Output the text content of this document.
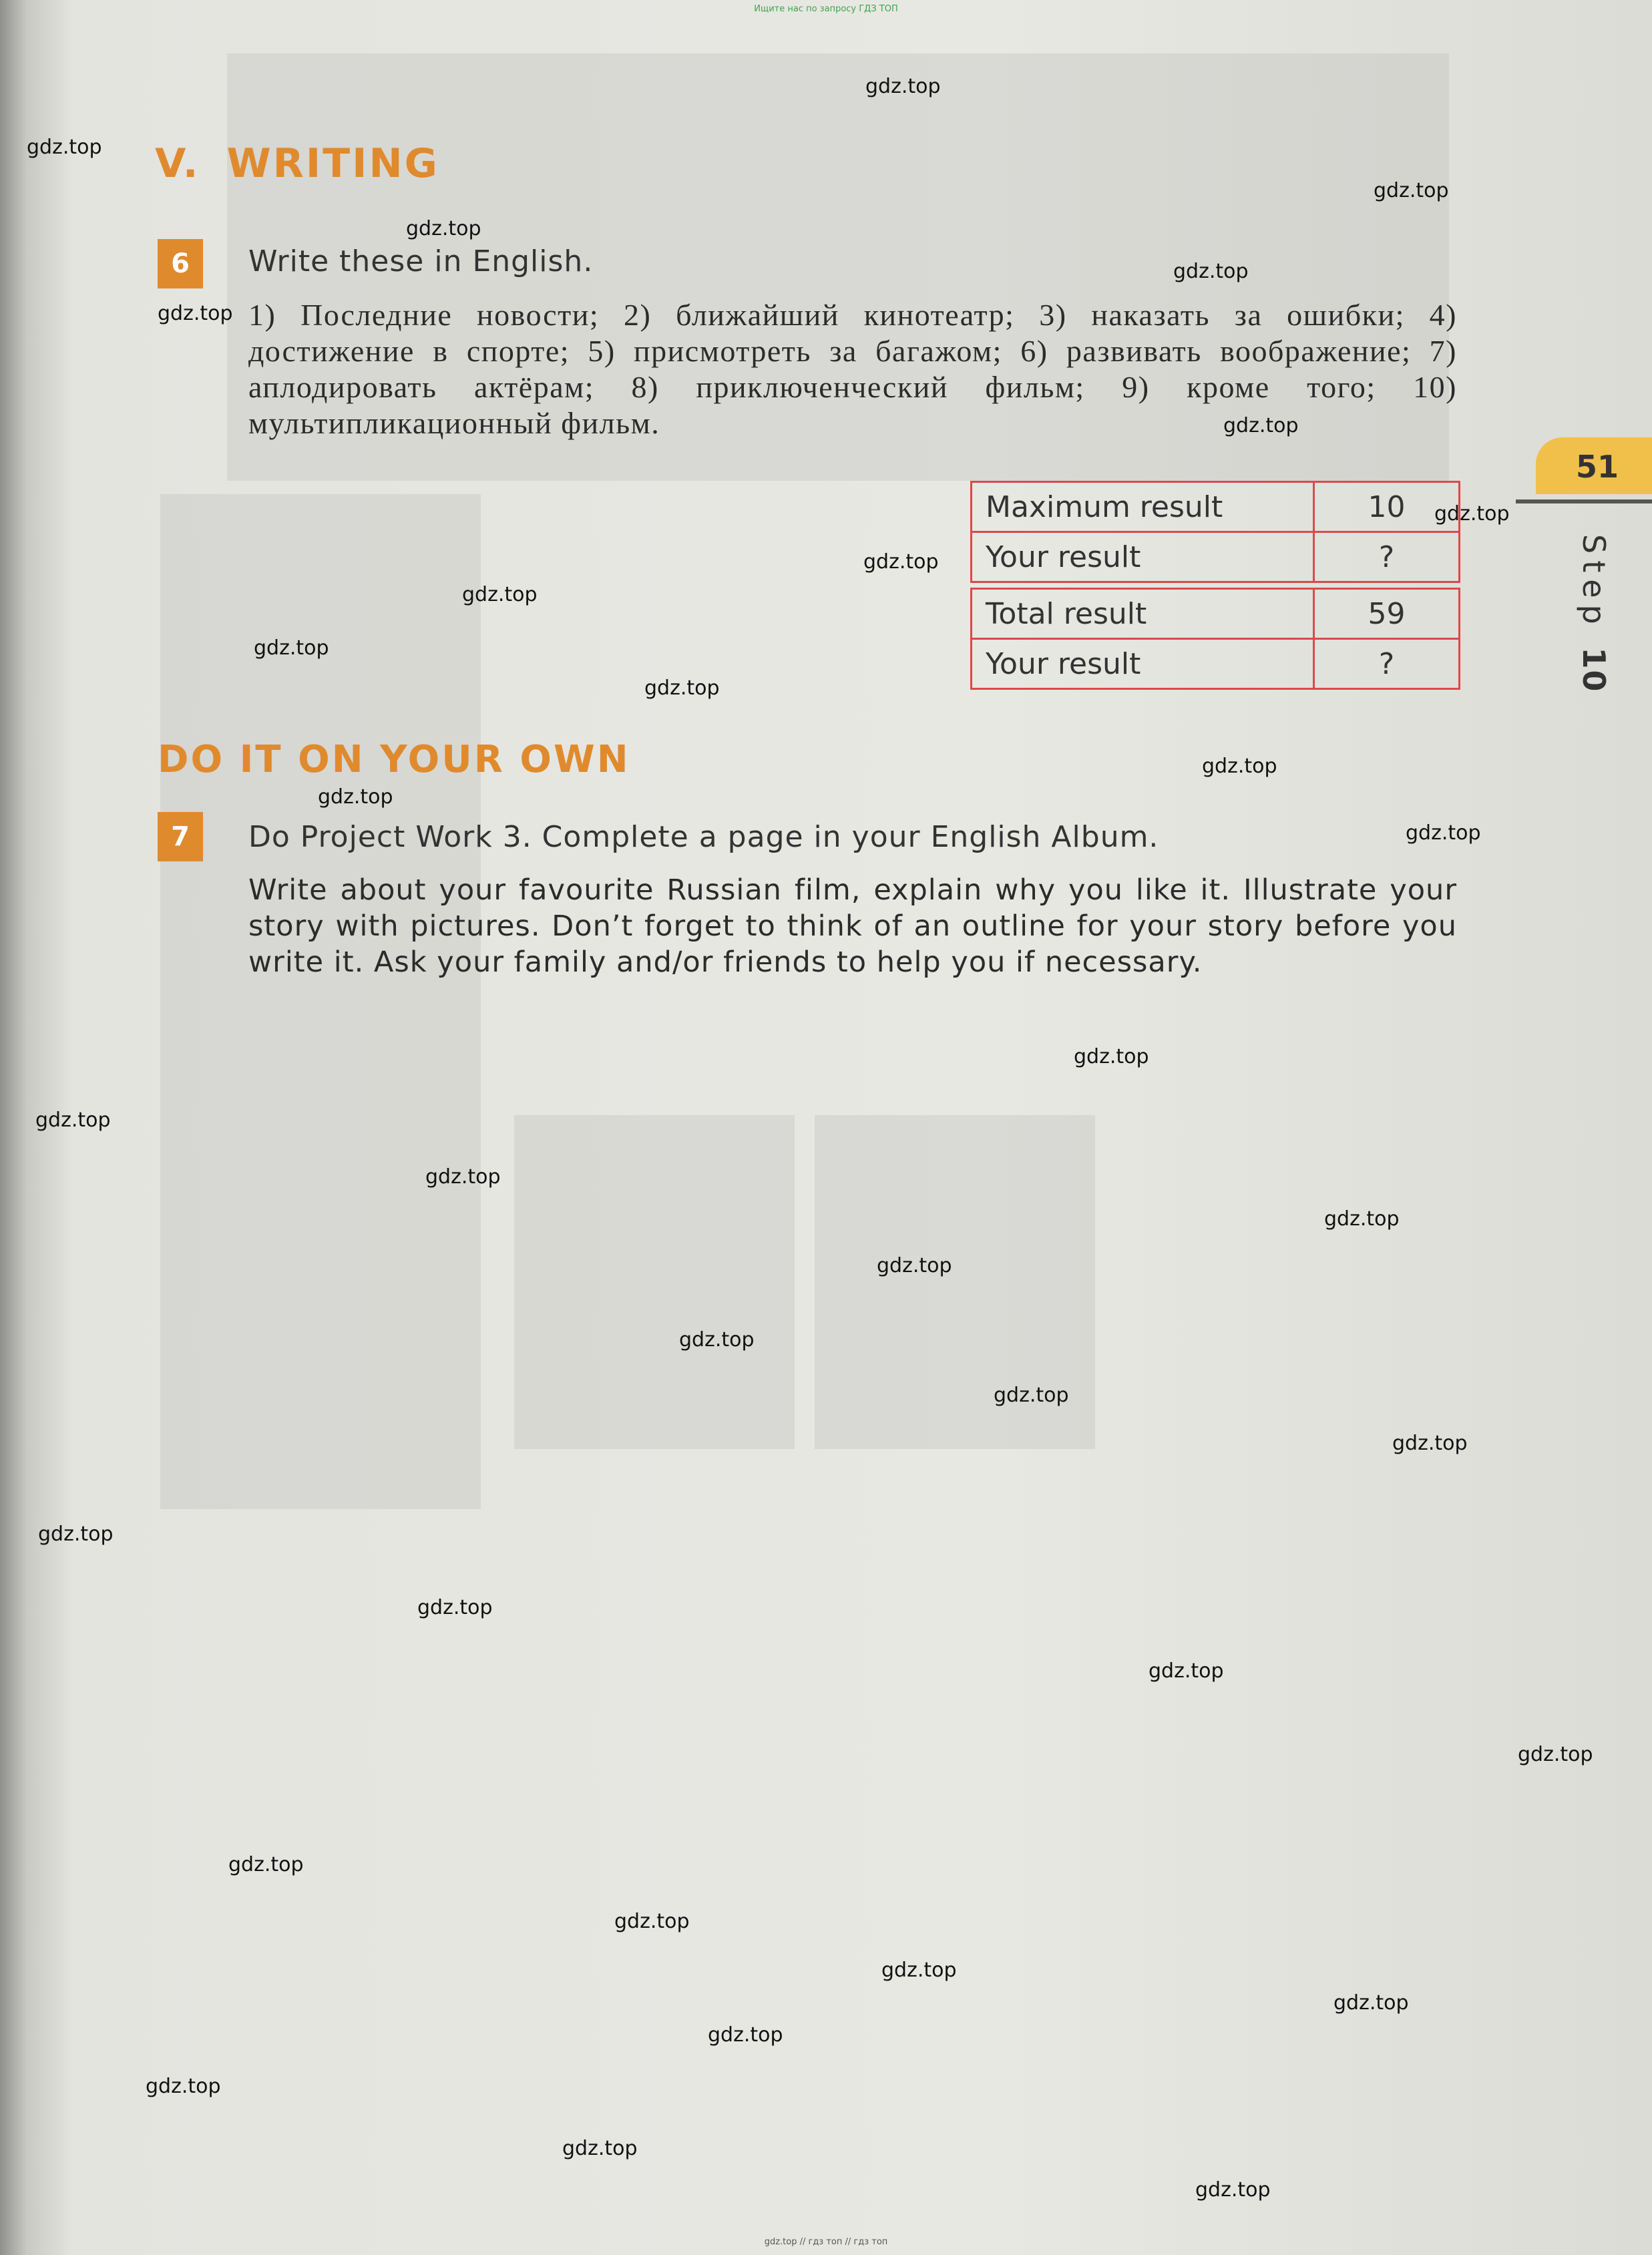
Ищите нас по запросу ГДЗ ТОП
V. WRITING
6	Write these in English.
1) Последние новости; 2) ближайший кинотеатр; 3) наказать за ошибки; 4) достижение в спорте; 5) присмотреть за багажом; 6) развивать воображение; 7) аплодировать актёрам; 8) приключенческий фильм; 9) кроме того; 10) мультипликационный фильм.
Maximum result	10
Your result	?
Total result	59
Your result	?
DO IT ON YOUR OWN
7	Do Project Work 3. Complete a page in your English Album.
Write about your favourite Russian film, explain why you like it. Illustrate your story with pictures. Don’t forget to think of an outline for your story before you write it. Ask your family and/or friends to help you if necessary.
51
Step 10
gdz.top
gdz.top
gdz.top
gdz.top
gdz.top
gdz.top
gdz.top
gdz.top
gdz.top
gdz.top
gdz.top
gdz.top
gdz.top
gdz.top
gdz.top
gdz.top
gdz.top
gdz.top
gdz.top
gdz.top
gdz.top
gdz.top
gdz.top
gdz.top
gdz.top
gdz.top
gdz.top
gdz.top
gdz.top
gdz.top
gdz.top
gdz.top
gdz.top
gdz.top
gdz.top
gdz.top // гдз топ // гдз топ
